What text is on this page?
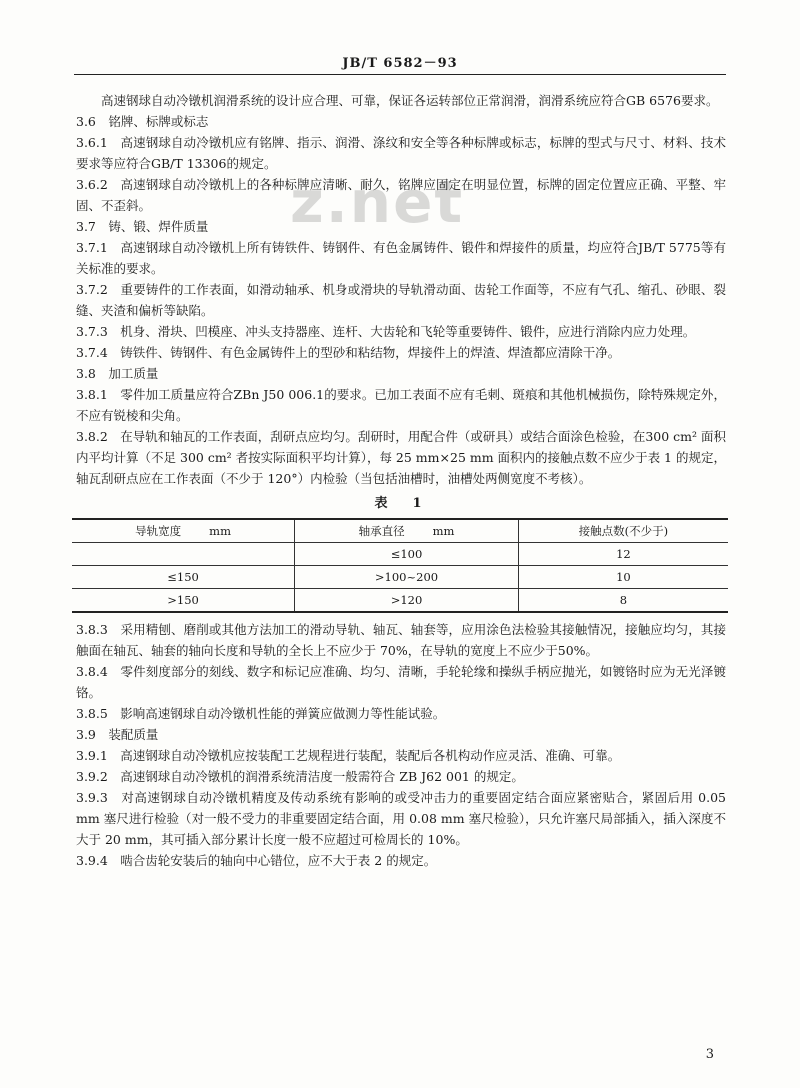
JB/T 6582－93
z.net

高速钢球自动冷镦机润滑系统的设计应合理、可靠，保证各运转部位正常润滑，润滑系统应符合GB 6576要求。

3.6　铭牌、标牌或标志

3.6.1　高速钢球自动冷镦机应有铭牌、指示、润滑、涤纹和安全等各种标牌或标志，标牌的型式与尺寸、材料、技术要求等应符合GB/T 13306的规定。

3.6.2　高速钢球自动冷镦机上的各种标牌应清晰、耐久，铭牌应固定在明显位置，标牌的固定位置应正确、平整、牢固、不歪斜。

3.7　铸、锻、焊件质量

3.7.1　高速钢球自动冷镦机上所有铸铁件、铸钢件、有色金属铸件、锻件和焊接件的质量，均应符合JB/T 5775等有关标准的要求。

3.7.2　重要铸件的工作表面，如滑动轴承、机身或滑块的导轨滑动面、齿轮工作面等，不应有气孔、缩孔、砂眼、裂缝、夹渣和偏析等缺陷。

3.7.3　机身、滑块、凹模座、冲头支持器座、连杆、大齿轮和飞轮等重要铸件、锻件，应进行消除内应力处理。

3.7.4　铸铁件、铸钢件、有色金属铸件上的型砂和粘结物，焊接件上的焊渣、焊渣都应清除干净。

3.8　加工质量

3.8.1　零件加工质量应符合ZBn J50 006.1的要求。已加工表面不应有毛刺、斑痕和其他机械损伤，除特殊规定外，不应有锐棱和尖角。

3.8.2　在导轨和轴瓦的工作表面，刮研点应均匀。刮研时，用配合件（或研具）或结合面涂色检验，在300 cm² 面积内平均计算（不足 300 cm² 者按实际面积平均计算），每 25 mm×25 mm 面积内的接触点数不应少于表 1 的规定，轴瓦刮研点应在工作表面（不少于 120°）内检验（当包括油槽时，油槽处两侧宽度不考核）。

表　1
导轨宽度 mm	轴承直径 mm	接触点数(不少于)
	≤100	12
≤150	>100~200	10
>150	>120	8

3.8.3　采用精刨、磨削或其他方法加工的滑动导轨、轴瓦、轴套等，应用涂色法检验其接触情况，接触应均匀，其接触面在轴瓦、轴套的轴向长度和导轨的全长上不应少于 70%，在导轨的宽度上不应少于50%。

3.8.4　零件刻度部分的刻线、数字和标记应准确、均匀、清晰，手轮轮缘和操纵手柄应抛光，如镀铬时应为无光泽镀铬。

3.8.5　影响高速钢球自动冷镦机性能的弹簧应做测力等性能试验。

3.9　装配质量

3.9.1　高速钢球自动冷镦机应按装配工艺规程进行装配，装配后各机构动作应灵活、准确、可靠。

3.9.2　高速钢球自动冷镦机的润滑系统清洁度一般需符合 ZB J62 001 的规定。

3.9.3　对高速钢球自动冷镦机精度及传动系统有影响的或受冲击力的重要固定结合面应紧密贴合，紧固后用 0.05 mm 塞尺进行检验（对一般不受力的非重要固定结合面，用 0.08 mm 塞尺检验），只允许塞尺局部插入，插入深度不大于 20 mm，其可插入部分累计长度一般不应超过可检周长的 10%。

3.9.4　啮合齿轮安装后的轴向中心错位，应不大于表 2 的规定。

3
